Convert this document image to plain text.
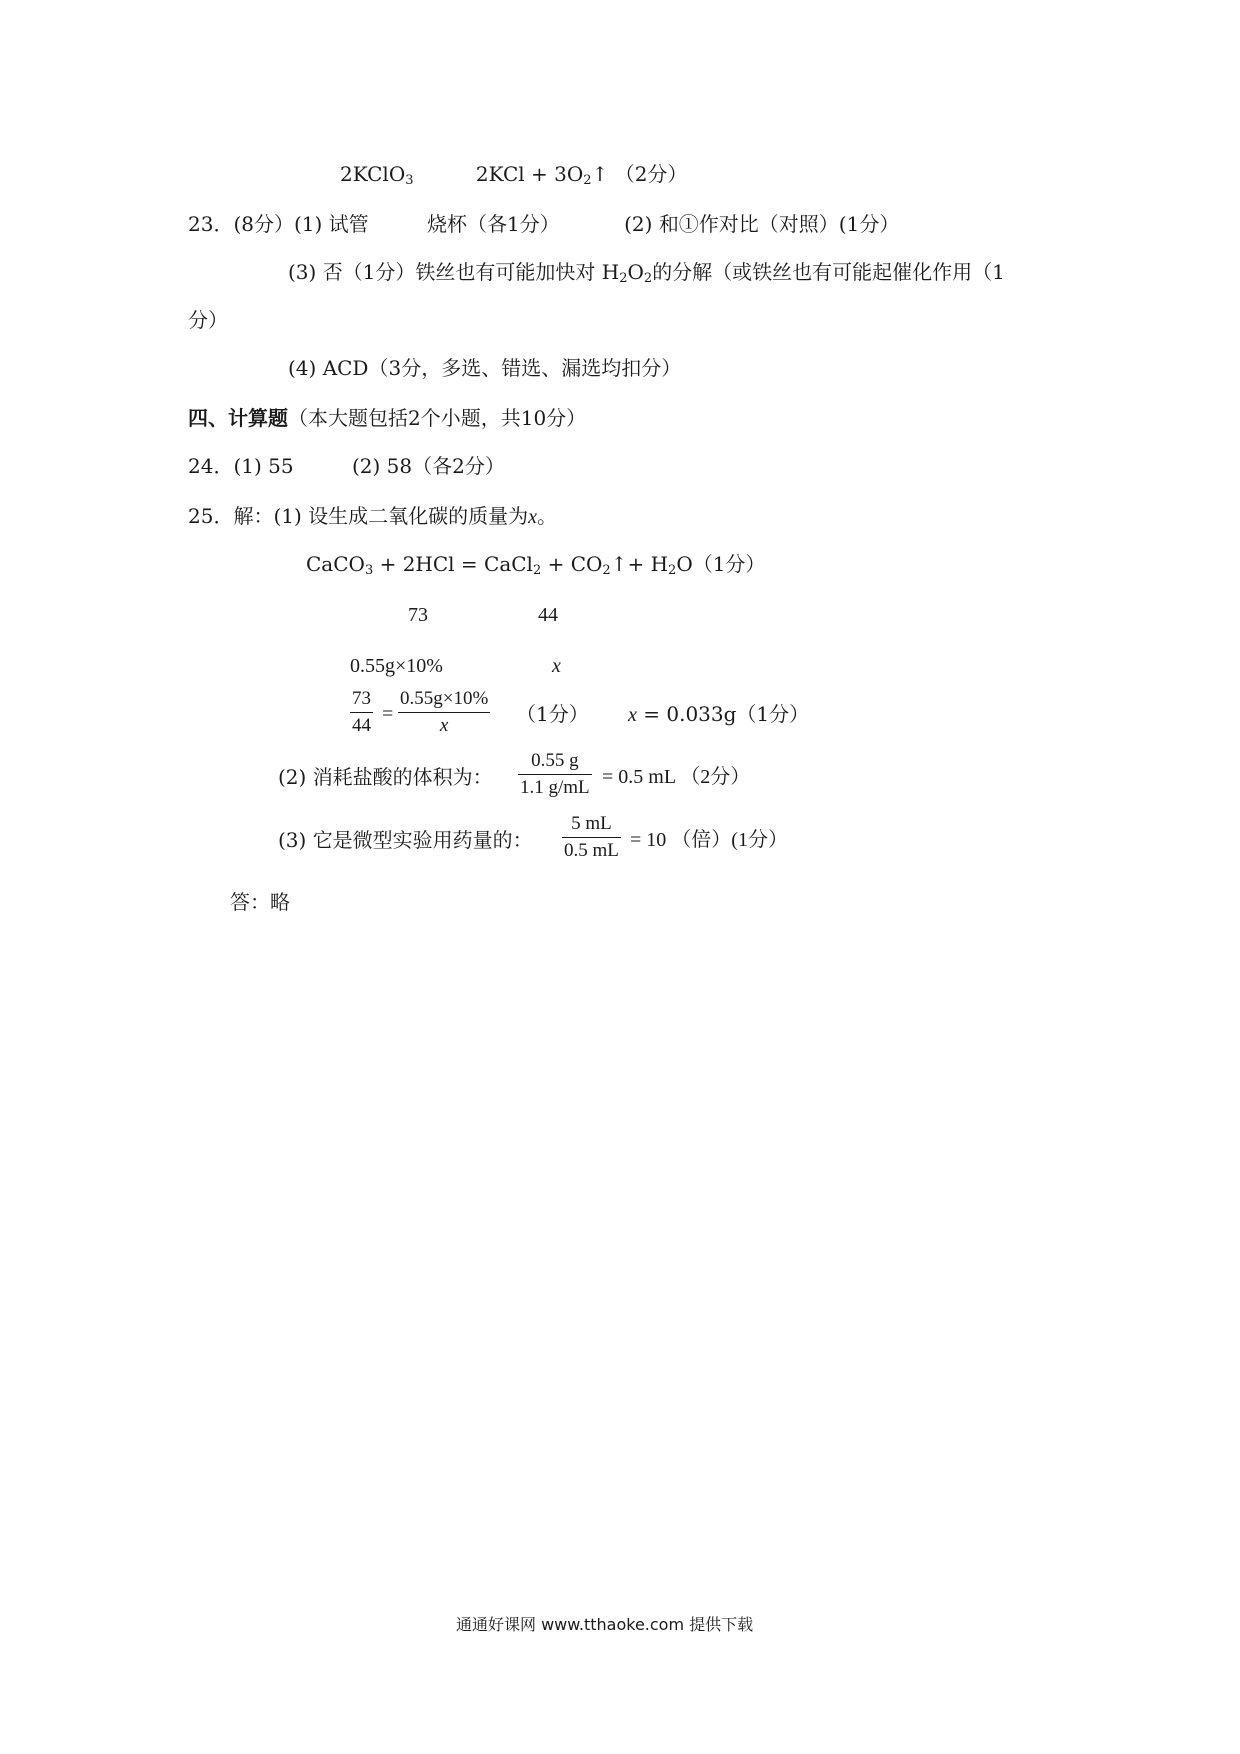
2KClO$_3$	$2KCl + 3O_2↑$ （2分）
23．(8分）(1) 试管	烧杯（各1分）	(2) 和①作对比（对照）(1分）
(3) 否（1分）铁丝也有可能加快对 $H_2O_2$的分解（或铁丝也有可能起催化作用（1
分）
(4) ACD（3分，多选、错选、漏选均扣分）
四、计算题（本大题包括2个小题，共10分）
24．(1) 55	(2) 58（各2分）
25．解：(1) 设生成二氧化碳的质量为x。
CaCO$_3$ + 2HCl = CaCl$_2$ + $CO_2↑+ H_2O(1$分）
73	44
0.55g×10%	x
73
44
=
0.55g×10%
x	（1分） x = 0.033g（1分）
(2) 消耗盐酸的体积为：
0.55 g
1.1 g/mL = 0.5 mL （2分）
(3) 它是微型实验用药量的：
5 mL
0.5 mL = 10 （倍）(1分）
答：略
通通好课网 www.tthaoke.com 提供下载
